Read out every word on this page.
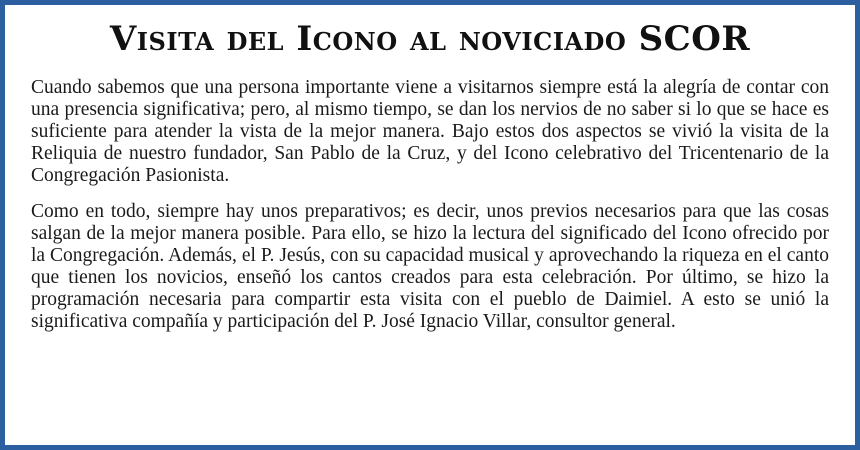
Visita del Icono al noviciado SCOR

Cuando sabemos que una persona importante viene a visitarnos siempre está la alegría de contar con una presencia significativa; pero, al mismo tiempo, se dan los nervios de no saber si lo que se hace es suficiente para atender la vista de la mejor manera. Bajo estos dos aspectos se vivió la visita de la Reliquia de nuestro fundador, San Pablo de la Cruz, y del Icono celebrativo del Tricentenario de la Congregación Pasionista.

Como en todo, siempre hay unos preparativos; es decir, unos previos necesarios para que las cosas salgan de la mejor manera posible. Para ello, se hizo la lectura del significado del Icono ofrecido por la Congregación. Además, el P. Jesús, con su capacidad musical y aprovechando la riqueza en el canto que tienen los novicios, enseñó los cantos creados para esta celebración. Por último, se hizo la programación necesaria para compartir esta visita con el pueblo de Daimiel. A esto se unió la significativa compañía y participación del P. José Ignacio Villar, consultor general.
